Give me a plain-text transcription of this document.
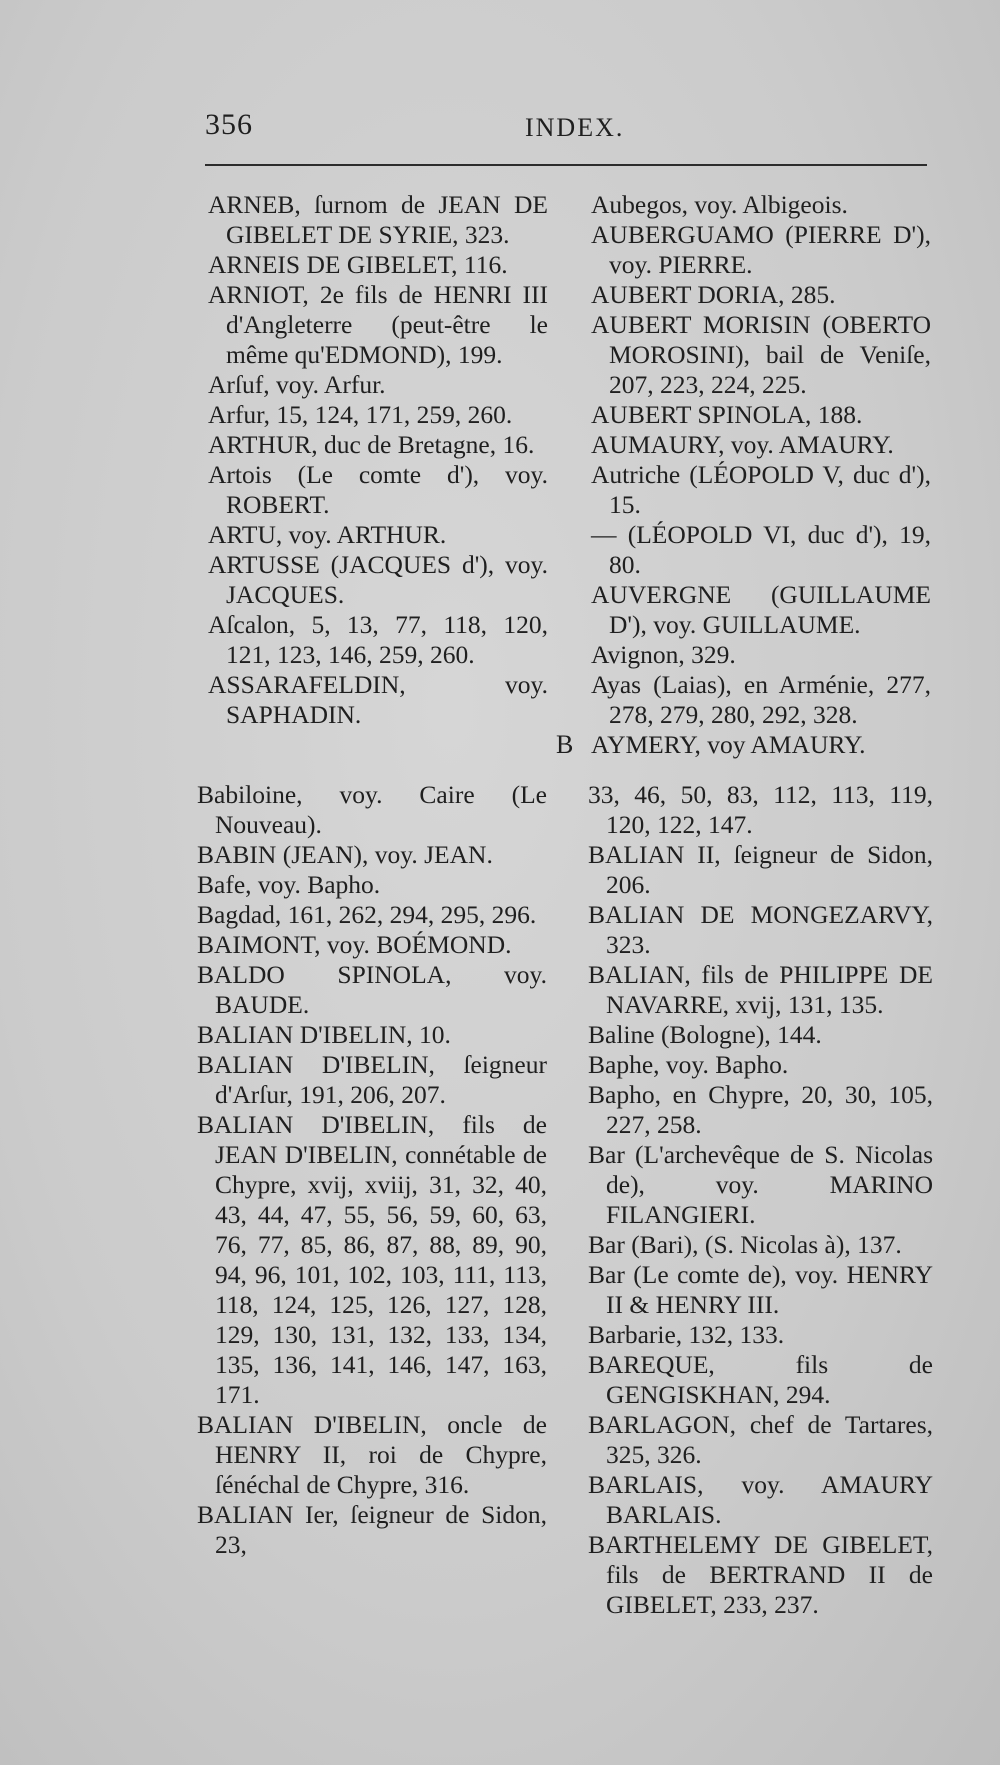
356	INDEX.

ARNEB, ſurnom de JEAN DE GIBELET DE SYRIE, 323.

ARNEIS DE GIBELET, 116.

ARNIOT, 2e fils de HENRI III d'Angleterre (peut-être le même qu'EDMOND), 199.

Arſuf, voy. Arfur.

Arfur, 15, 124, 171, 259, 260.

ARTHUR, duc de Bretagne, 16.

Artois (Le comte d'), voy. ROBERT.

ARTU, voy. ARTHUR.

ARTUSSE (JACQUES d'), voy. JACQUES.

Aſcalon, 5, 13, 77, 118, 120, 121, 123, 146, 259, 260.

ASSARAFELDIN, voy. SAPHADIN.

Aubegos, voy. Albigeois.

AUBERGUAMO (PIERRE D'), voy. PIERRE.

AUBERT DORIA, 285.

AUBERT MORISIN (OBERTO MOROSINI), bail de Veniſe, 207, 223, 224, 225.

AUBERT SPINOLA, 188.

AUMAURY, voy. AMAURY.

Autriche (LÉOPOLD V, duc d'), 15.

— (LÉOPOLD VI, duc d'), 19, 80.

AUVERGNE (GUILLAUME D'), voy. GUILLAUME.

Avignon, 329.

Ayas (Laias), en Arménie, 277, 278, 279, 280, 292, 328.

AYMERY, voy AMAURY.

B

Babiloine, voy. Caire (Le Nouveau).

BABIN (JEAN), voy. JEAN.

Bafe, voy. Bapho.

Bagdad, 161, 262, 294, 295, 296.

BAIMONT, voy. BOÉMOND.

BALDO SPINOLA, voy. BAUDE.

BALIAN D'IBELIN, 10.

BALIAN D'IBELIN, ſeigneur d'Arſur, 191, 206, 207.

BALIAN D'IBELIN, fils de JEAN D'IBELIN, connétable de Chypre, xvij, xviij, 31, 32, 40, 43, 44, 47, 55, 56, 59, 60, 63, 76, 77, 85, 86, 87, 88, 89, 90, 94, 96, 101, 102, 103, 111, 113, 118, 124, 125, 126, 127, 128, 129, 130, 131, 132, 133, 134, 135, 136, 141, 146, 147, 163, 171.

BALIAN D'IBELIN, oncle de HENRY II, roi de Chypre, ſénéchal de Chypre, 316.

BALIAN Ier, ſeigneur de Sidon, 23,

33, 46, 50, 83, 112, 113, 119, 120, 122, 147.

BALIAN II, ſeigneur de Sidon, 206.

BALIAN DE MONGEZARVY, 323.

BALIAN, fils de PHILIPPE DE NAVARRE, xvij, 131, 135.

Baline (Bologne), 144.

Baphe, voy. Bapho.

Bapho, en Chypre, 20, 30, 105, 227, 258.

Bar (L'archevêque de S. Nicolas de), voy. MARINO FILANGIERI.

Bar (Bari), (S. Nicolas à), 137.

Bar (Le comte de), voy. HENRY II & HENRY III.

Barbarie, 132, 133.

BAREQUE, fils de GENGISKHAN, 294.

BARLAGON, chef de Tartares, 325, 326.

BARLAIS, voy. AMAURY BARLAIS.

BARTHELEMY DE GIBELET, fils de BERTRAND II de GIBELET, 233, 237.
